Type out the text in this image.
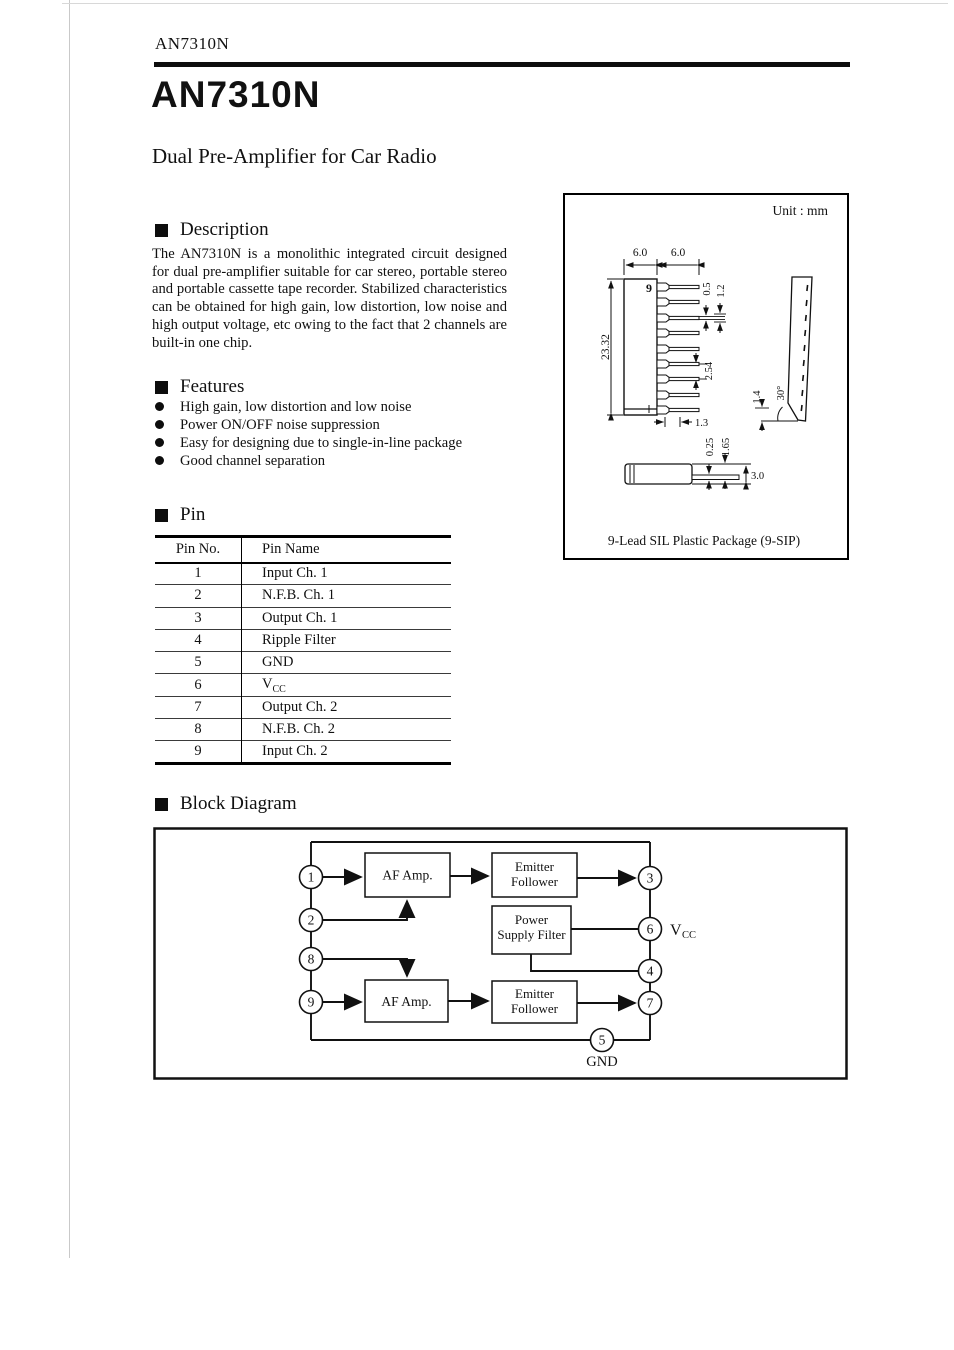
AN7310N
AN7310N
Dual Pre-Amplifier for Car Radio
Description
The AN7310N is a monolithic integrated circuit designed for dual pre-amplifier suitable for car stereo, portable stereo and portable cassette tape recorder. Stabilized characteristics can be obtained for high gain, low distortion, low noise and high output voltage, etc owing to the fact that 2 channels are built-in one chip.
Features
High gain, low distortion and low noise
Power ON/OFF noise suppression
Easy for designing due to single-in-line package
Good channel separation
Pin
Pin No.	Pin Name
1	Input Ch. 1
2	N.F.B. Ch. 1
3	Output Ch. 1
4	Ripple Filter
5	GND
6	$V_{CC}$
7	Output Ch. 2
8	N.F.B. Ch. 2
9	Input Ch. 2
Unit : mm
9
6.0 6.0
23.32
0.5 1.2
2.54
1.3
30°
1.4
3.0
0.25 1.65
9-Lead SIL Plastic Package (9-SIP)
Block Diagram
AF Amp.
Emitter
Follower
Power
Supply Filter
AF Amp.
Emitter
Follower
1
2
8
9
3
6
4
7
5
V CC
GND
